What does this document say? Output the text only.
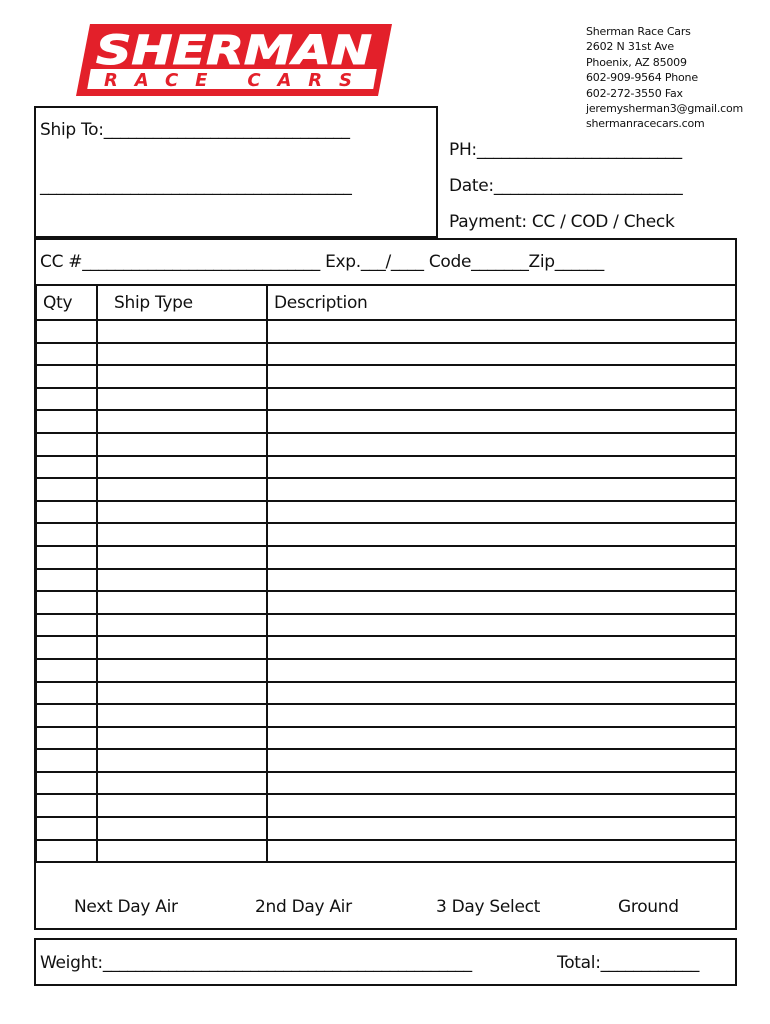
SHERMAN
RACE CARS
Sherman Race Cars
2602 N 31st Ave
Phoenix, AZ 85009
602-909-9564 Phone
602-272-3550 Fax
jeremysherman3@gmail.com
shermanracecars.com
Ship To:______________________________
______________________________________
PH:_________________________
Date:_______________________
Payment: CC / COD / Check
CC #_____________________________ Exp.___/____ Code_______Zip______
Qty	Ship Type	Description

Next Day Air	2nd Day Air	3 Day Select	Ground
Weight:_____________________________________________	Total:____________
